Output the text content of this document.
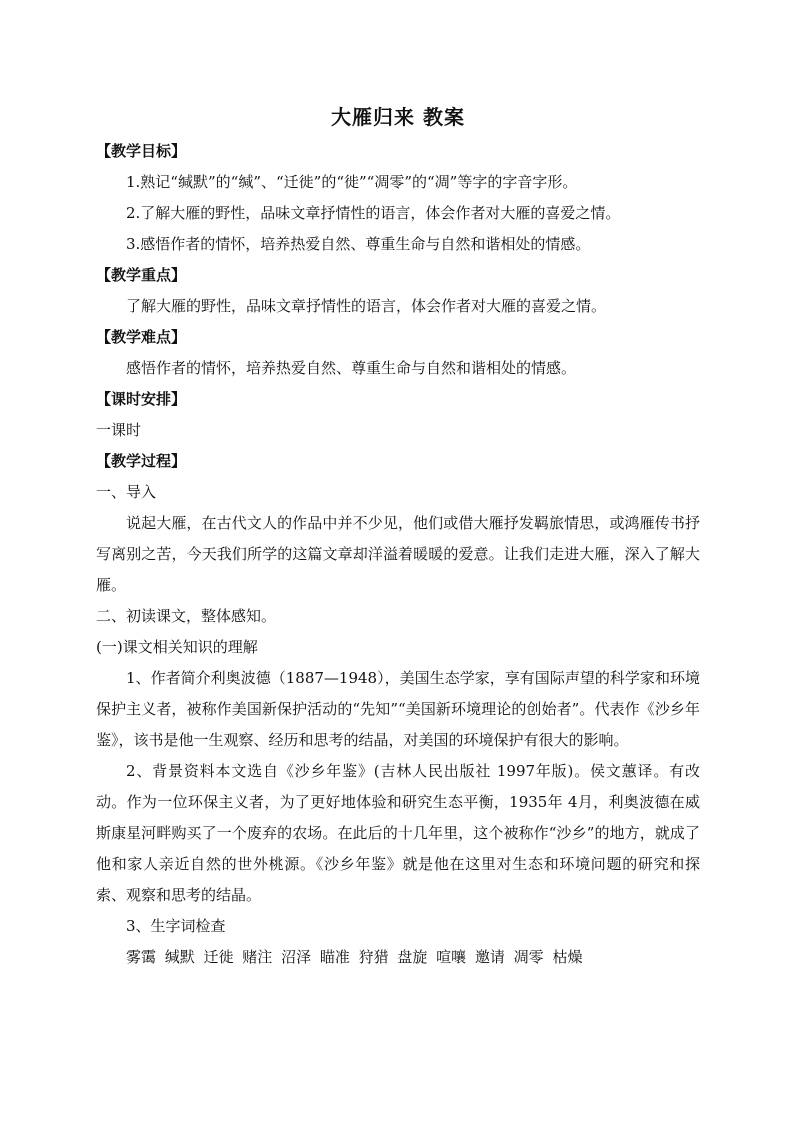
大雁归来 教案
【教学目标】
1.熟记“缄默”的“缄”、“迁徙”的“徙”“凋零”的“凋”等字的字音字形。
2.了解大雁的野性，品味文章抒情性的语言，体会作者对大雁的喜爱之情。
3.感悟作者的情怀，培养热爱自然、尊重生命与自然和谐相处的情感。
【教学重点】
了解大雁的野性，品味文章抒情性的语言，体会作者对大雁的喜爱之情。
【教学难点】
感悟作者的情怀，培养热爱自然、尊重生命与自然和谐相处的情感。
【课时安排】
一课时
【教学过程】
一、导入
说起大雁，在古代文人的作品中并不少见，他们或借大雁抒发羁旅情思，或鸿雁传书抒写离别之苦，今天我们所学的这篇文章却洋溢着暖暖的爱意。让我们走进大雁，深入了解大雁。
二、初读课文，整体感知。
(一)课文相关知识的理解
1、作者简介利奥波德（1887—1948），美国生态学家，享有国际声望的科学家和环境保护主义者，被称作美国新保护活动的“先知”“美国新环境理论的创始者”。代表作《沙乡年鉴》，该书是他一生观察、经历和思考的结晶，对美国的环境保护有很大的影响。
2、背景资料本文选自《沙乡年鉴》(吉林人民出版社 1997年版)。侯文蕙译。有改动。作为一位环保主义者，为了更好地体验和研究生态平衡，1935年 4月，利奥波德在威斯康星河畔购买了一个废弃的农场。在此后的十几年里，这个被称作“沙乡”的地方，就成了他和家人亲近自然的世外桃源。《沙乡年鉴》就是他在这里对生态和环境问题的研究和探索、观察和思考的结晶。
3、生字词检查
雾霭 缄默 迁徙 赌注 沼泽 瞄准 狩猎 盘旋 喧嚷 邀请 凋零 枯燥
